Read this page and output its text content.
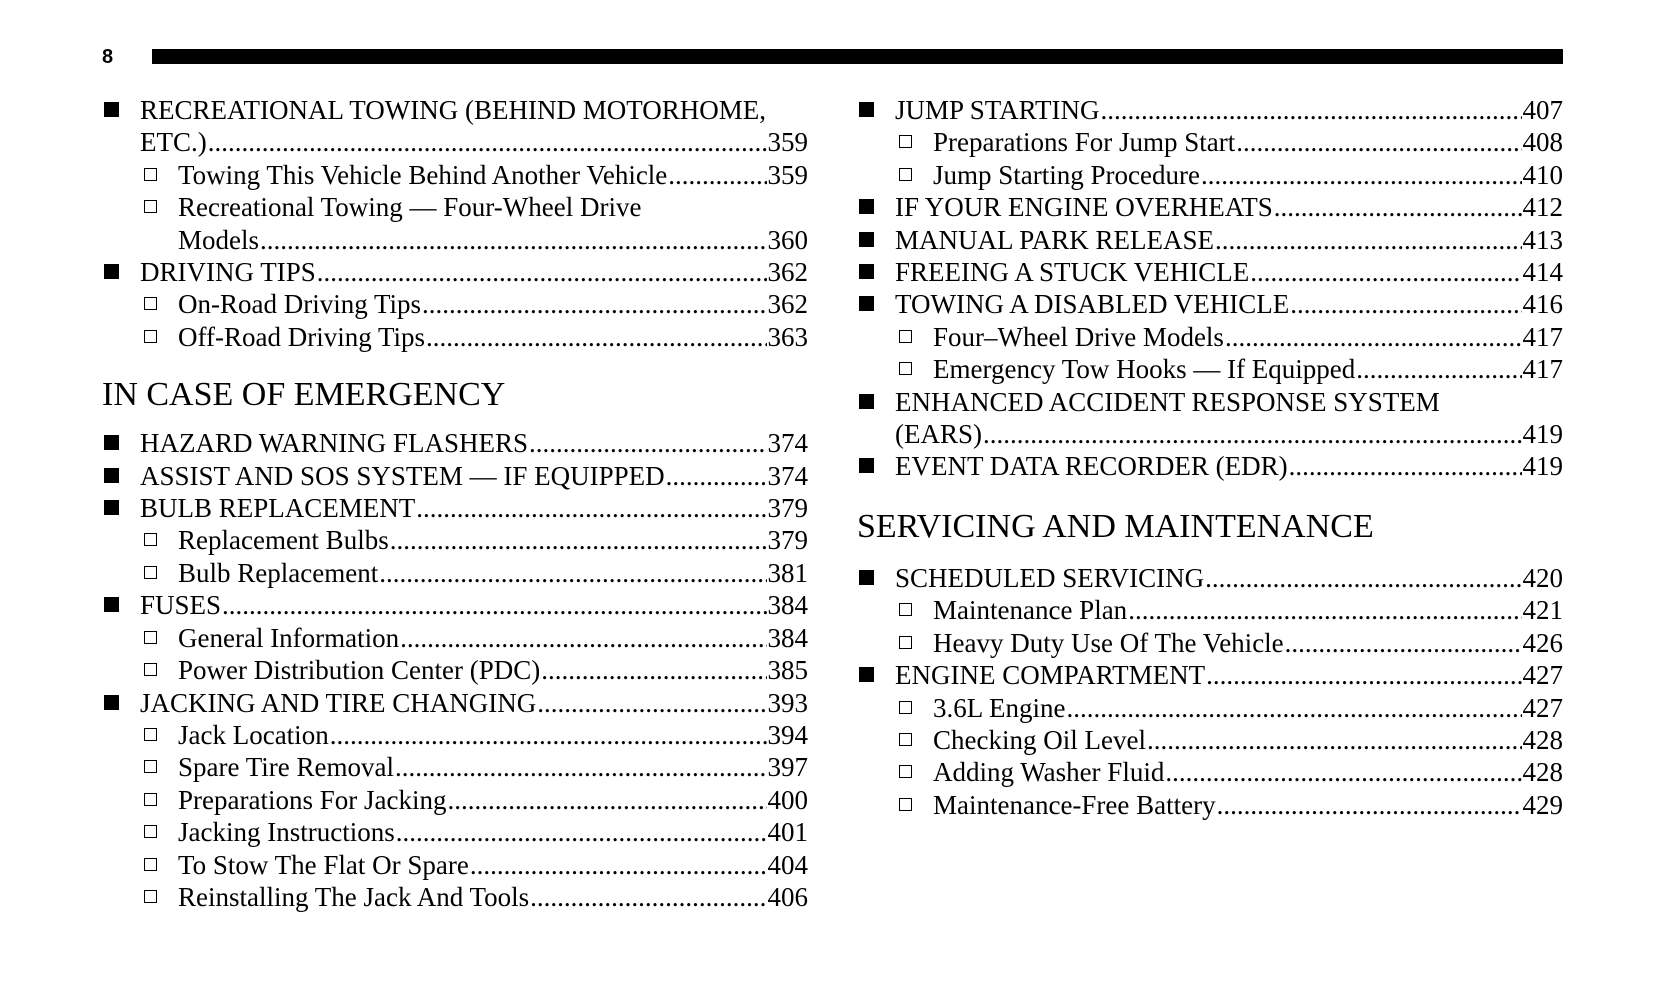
8
RECREATIONAL TOWING (BEHIND MOTORHOME,
ETC.) .....	359
Towing This Vehicle Behind Another Vehicle .....	359
Recreational Towing — Four-Wheel Drive
Models .....	360
DRIVING TIPS .....	362
On-Road Driving Tips .....	362
Off-Road Driving Tips .....	363
IN CASE OF EMERGENCY
HAZARD WARNING FLASHERS .....	374
ASSIST AND SOS SYSTEM — IF EQUIPPED .....	374
BULB REPLACEMENT .....	379
Replacement Bulbs .....	379
Bulb Replacement .....	381
FUSES .....	384
General Information .....	384
Power Distribution Center (PDC) .....	385
JACKING AND TIRE CHANGING .....	393
Jack Location .....	394
Spare Tire Removal .....	397
Preparations For Jacking .....	400
Jacking Instructions .....	401
To Stow The Flat Or Spare .....	404
Reinstalling The Jack And Tools .....	406
JUMP STARTING .....	407
Preparations For Jump Start .....	408
Jump Starting Procedure .....	410
IF YOUR ENGINE OVERHEATS .....	412
MANUAL PARK RELEASE .....	413
FREEING A STUCK VEHICLE .....	414
TOWING A DISABLED VEHICLE .....	416
Four–Wheel Drive Models .....	417
Emergency Tow Hooks — If Equipped .....	417
ENHANCED ACCIDENT RESPONSE SYSTEM
(EARS) .....	419
EVENT DATA RECORDER (EDR) .....	419
SERVICING AND MAINTENANCE
SCHEDULED SERVICING .....	420
Maintenance Plan .....	421
Heavy Duty Use Of The Vehicle .....	426
ENGINE COMPARTMENT .....	427
3.6L Engine .....	427
Checking Oil Level .....	428
Adding Washer Fluid .....	428
Maintenance-Free Battery .....	429
